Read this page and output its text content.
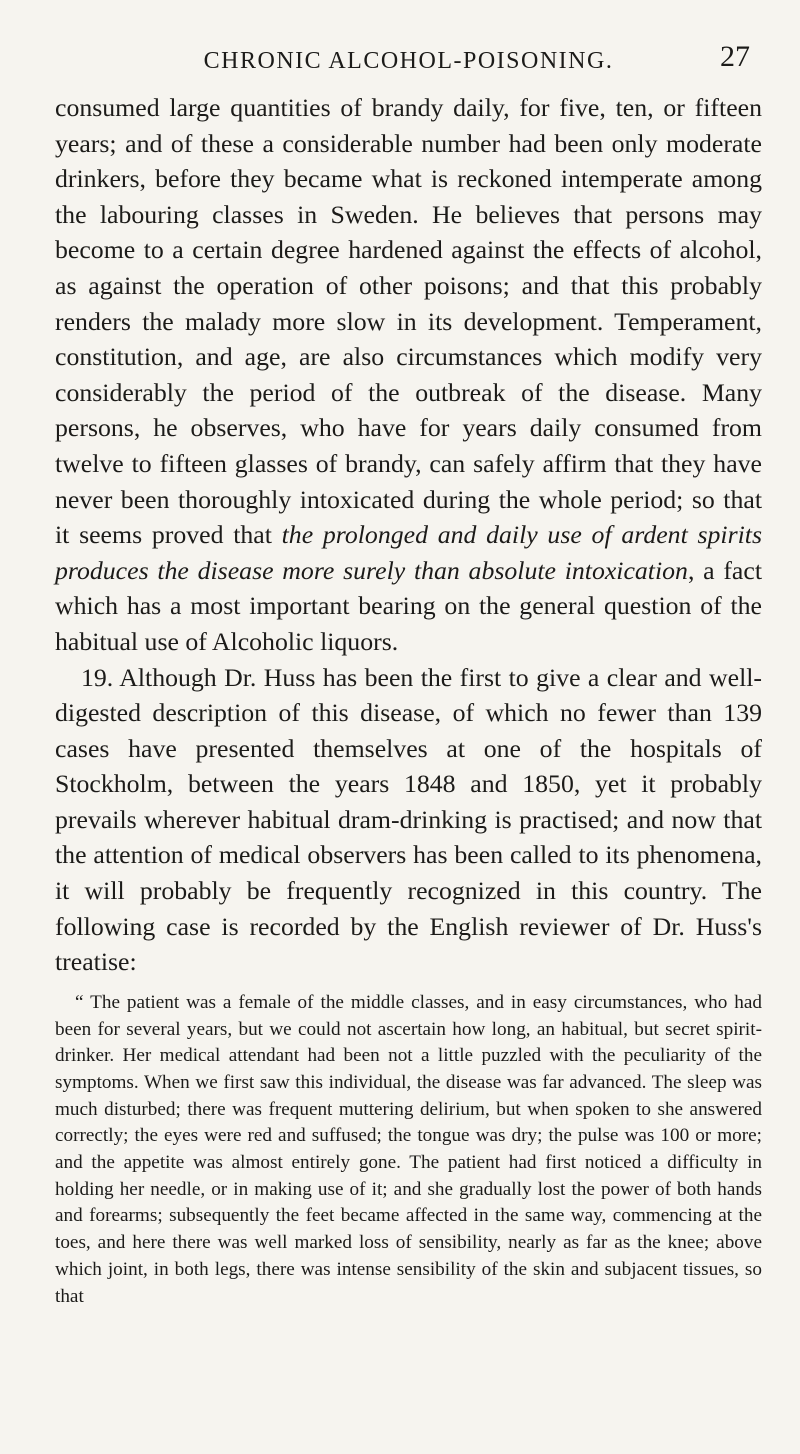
CHRONIC ALCOHOL-POISONING.	27

consumed large quantities of brandy daily, for five, ten, or fifteen years; and of these a considerable number had been only moderate drinkers, before they became what is reckoned intemperate among the labouring classes in Sweden. He believes that persons may become to a certain degree hardened against the effects of alcohol, as against the operation of other poisons; and that this probably renders the malady more slow in its development. Temperament, constitution, and age, are also circumstances which modify very considerably the period of the outbreak of the disease. Many persons, he observes, who have for years daily consumed from twelve to fifteen glasses of brandy, can safely affirm that they have never been thoroughly intoxicated during the whole period; so that it seems proved that the prolonged and daily use of ardent spirits produces the disease more surely than absolute intoxication, a fact which has a most important bearing on the general question of the habitual use of Alcoholic liquors.

19. Although Dr. Huss has been the first to give a clear and well-digested description of this disease, of which no fewer than 139 cases have presented themselves at one of the hospitals of Stockholm, between the years 1848 and 1850, yet it probably prevails wherever habitual dram-drinking is practised; and now that the attention of medical observers has been called to its phenomena, it will probably be frequently recognized in this country. The following case is recorded by the English reviewer of Dr. Huss's treatise:

“ The patient was a female of the middle classes, and in easy circumstances, who had been for several years, but we could not ascertain how long, an habitual, but secret spirit-drinker. Her medical attendant had been not a little puzzled with the peculiarity of the symptoms. When we first saw this individual, the disease was far advanced. The sleep was much disturbed; there was frequent muttering delirium, but when spoken to she answered correctly; the eyes were red and suffused; the tongue was dry; the pulse was 100 or more; and the appetite was almost entirely gone. The patient had first noticed a difficulty in holding her needle, or in making use of it; and she gradually lost the power of both hands and forearms; subsequently the feet became affected in the same way, commencing at the toes, and here there was well marked loss of sensibility, nearly as far as the knee; above which joint, in both legs, there was intense sensibility of the skin and subjacent tissues, so that
